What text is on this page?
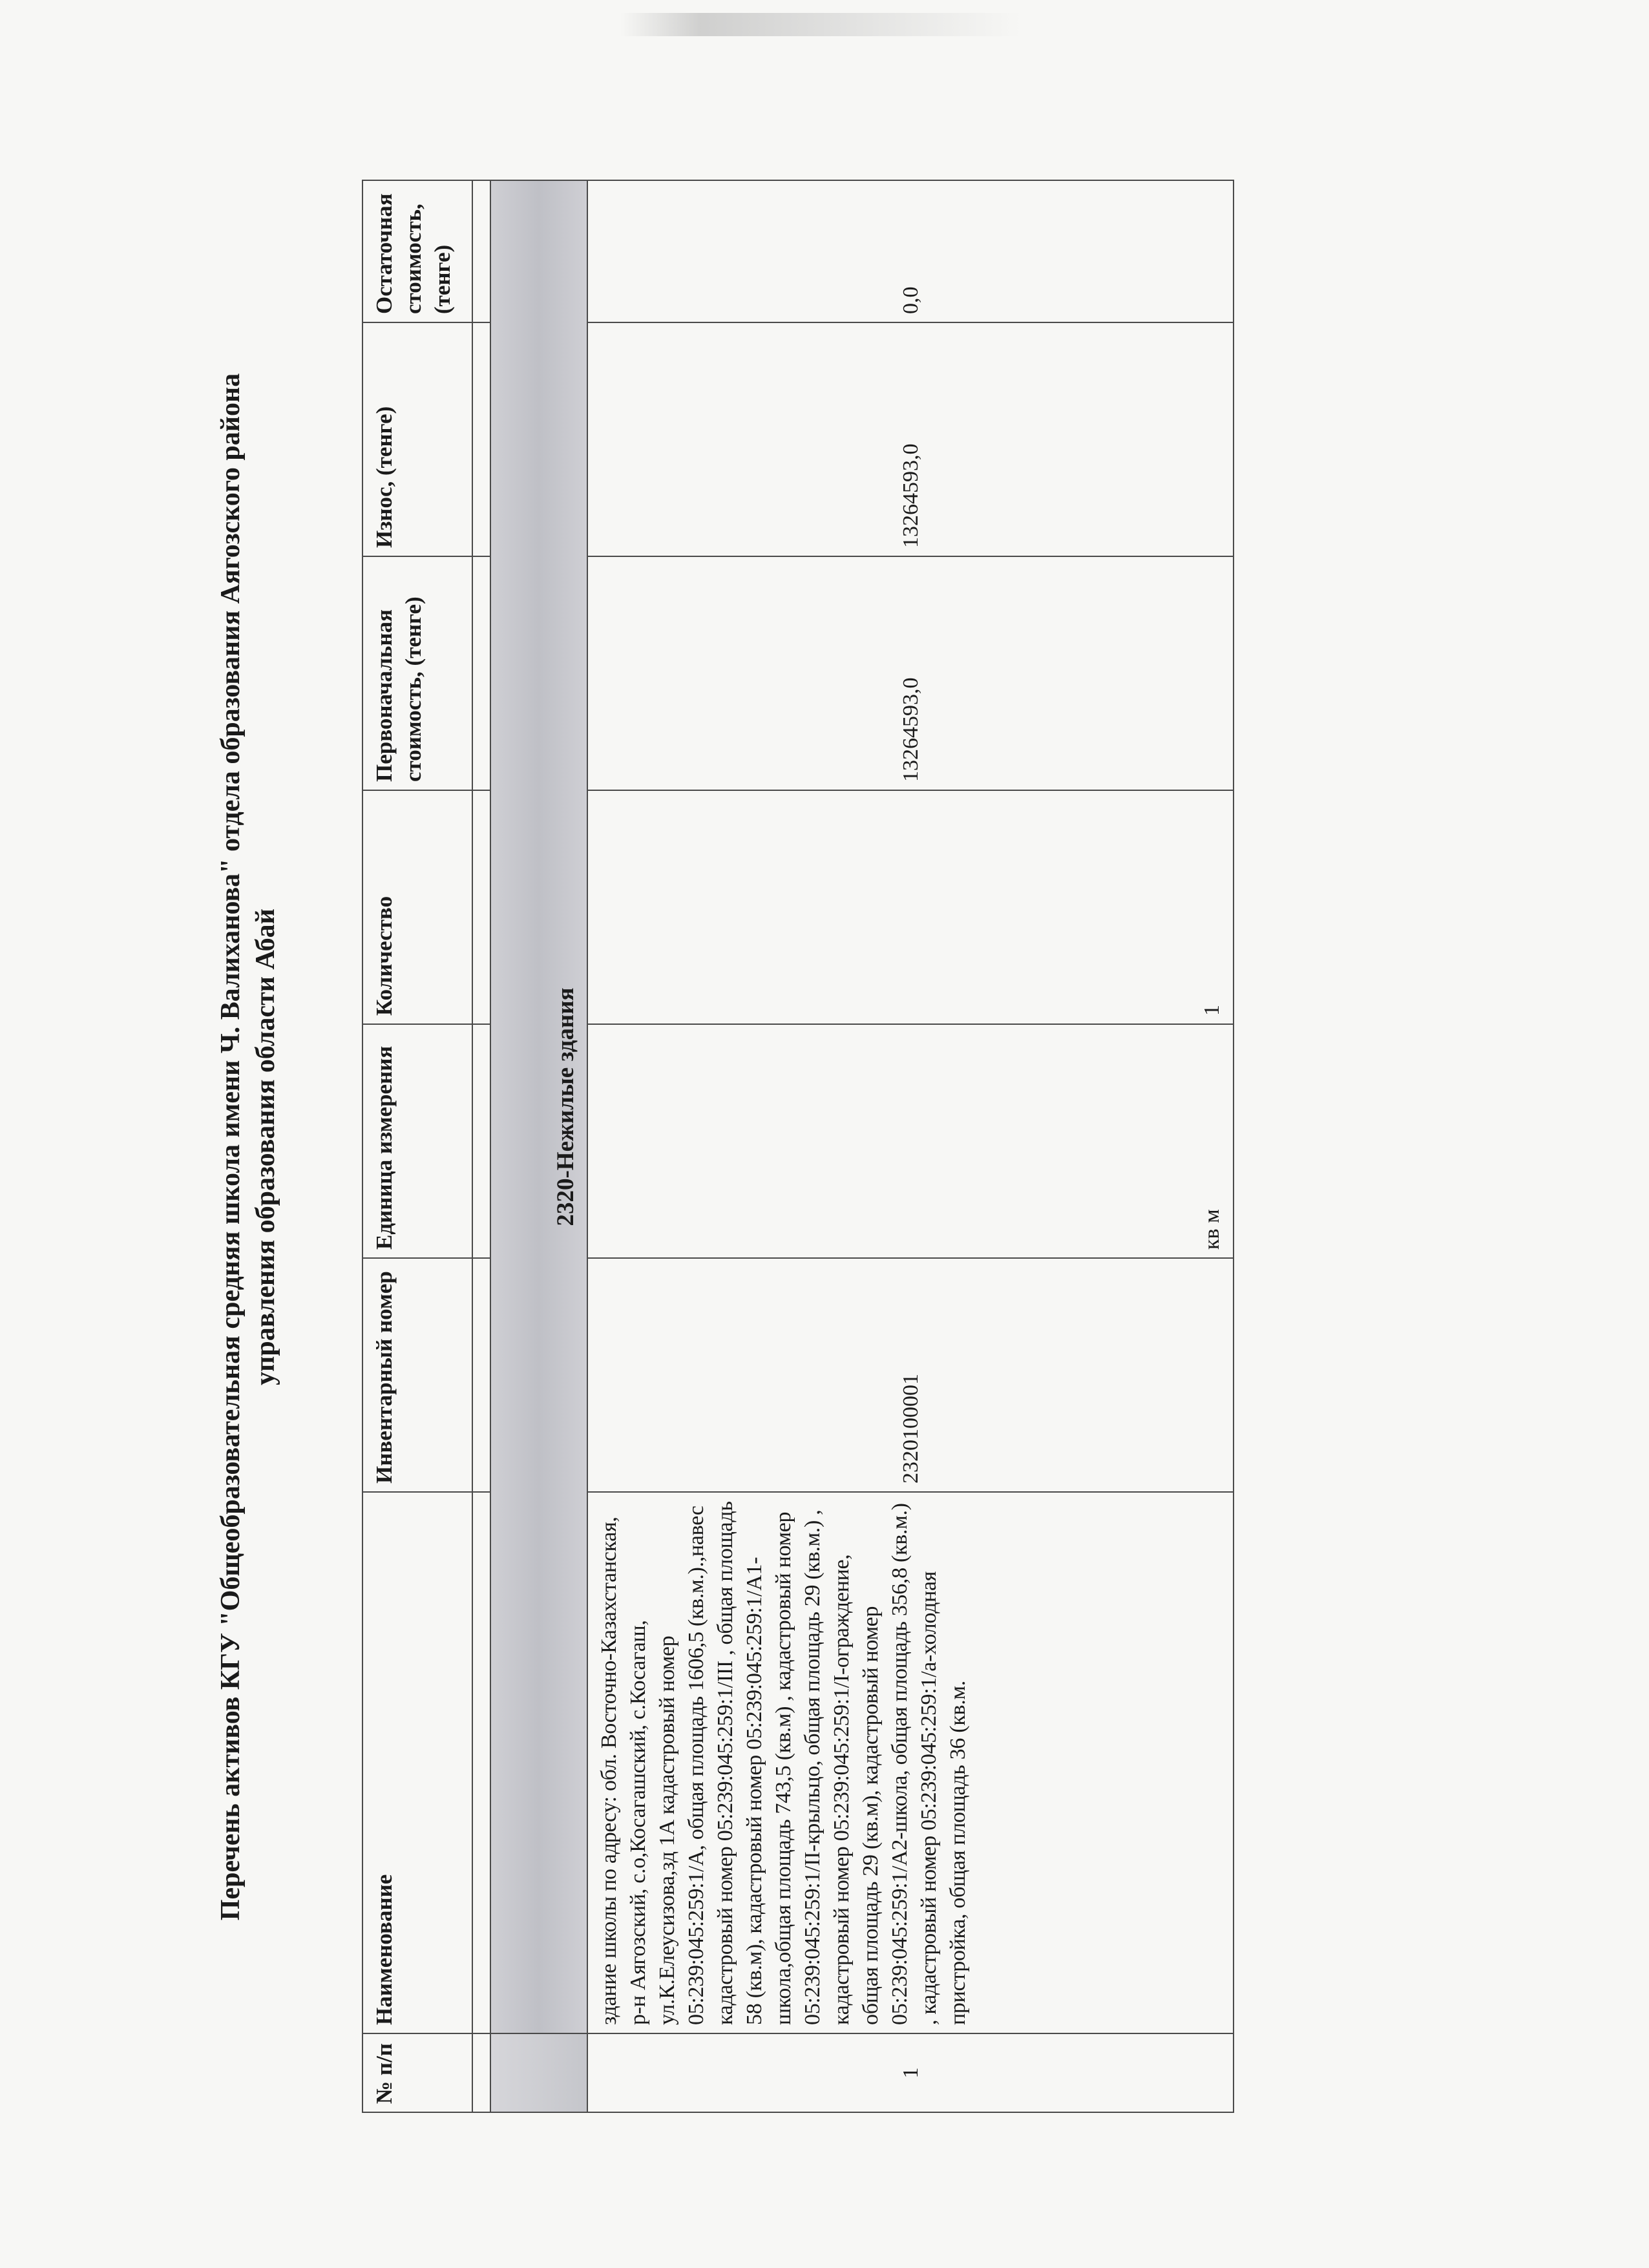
Перечень активов КГУ "Общеобразовательная средняя школа имени Ч. Валиханова" отдела образования Аягозского района управления образования области Абай
№ п/п	Наименование	Инвентарный номер	Единица измерения	Количество	Первоначальная стоимость, (тенге)	Износ, (тенге)	Остаточная стоимость, (тенге)

	2320-Нежилые здания						
1	здание школы по адресу: обл. Восточно-Казахстанская, р-н Аягозский, с.о,Косагашский, с.Косагаш, ул.К.Елеусизова,зд 1А кадастровый номер 05:239:045:259:1/А, общая площадь 1606,5 (кв.м.).,навес кадастровый номер 05:239:045:259:1/III , общая площадь 58 (кв.м), кадастровый номер 05:239:045:259:1/А1-школа,общая площадь 743,5 (кв.м) , кадастровый номер 05:239:045:259:1/II-крыльцо, общая площадь 29 (кв.м.) , кадастровый номер 05:239:045:259:1/I-ограждение, общая площадь 29 (кв.м), кадастровый номер 05:239:045:259:1/А2-школа, общая площадь 356,8 (кв.м.) , кадастровый номер 05:239:045:259:1/а-холодная пристройка, общая площадь 36 (кв.м.	2320100001	кв м	1	13264593,0	13264593,0	0,0
